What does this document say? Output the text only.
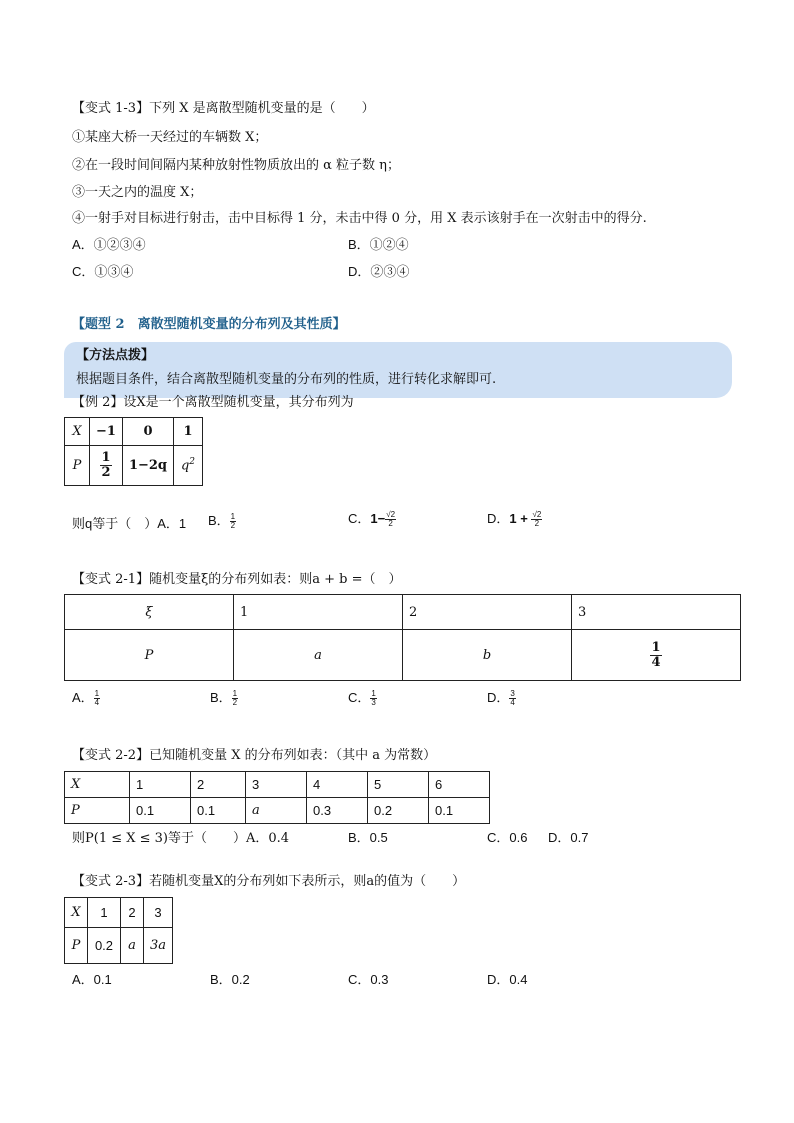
【变式 1-3】下列 X 是离散型随机变量的是（　　）
①某座大桥一天经过的车辆数 X；
②在一段时间间隔内某种放射性物质放出的 α 粒子数 η；
③一天之内的温度 X；
④一射手对目标进行射击，击中目标得 1 分，未击中得 0 分，用 X 表示该射手在一次射击中的得分.
A．①②③④	B．①②④
C．①③④	D．②③④
【题型 2　离散型随机变量的分布列及其性质】
【方法点拨】
根据题目条件，结合离散型随机变量的分布列的性质，进行转化求解即可.
【例 2】设X是一个离散型随机变量，其分布列为
X	−1	0	1
P	$\frac{1}{2}$	1−2q	$q^2$
则q等于（　）A．1 B． $\frac{1}{2}$	C．$1- \frac{√2}{2}$	D．$1 + \frac{√2}{2}$
【变式 2-1】随机变量ξ的分布列如表：则a + b =（　）
ξ	1	2	3
P	a	b	$\frac{1}{4}$
A． $\frac{1}{4}$	B． $\frac{1}{2}$	C． $\frac{1}{3}$	D． $\frac{3}{4}$
【变式 2-2】已知随机变量 X 的分布列如表：（其中 a 为常数）
X	1	2	3	4	5	6
P	0.1	0.1	a	0.3	0.2	0.1
则P(1 ≤ X ≤ 3)等于（　　）A．0.4	B．0.5	C．0.6 D．0.7
【变式 2-3】若随机变量X的分布列如下表所示，则a的值为（　　）
X	1	2	3
P	0.2	a	3a
A．0.1	B．0.2	C．0.3	D．0.4
